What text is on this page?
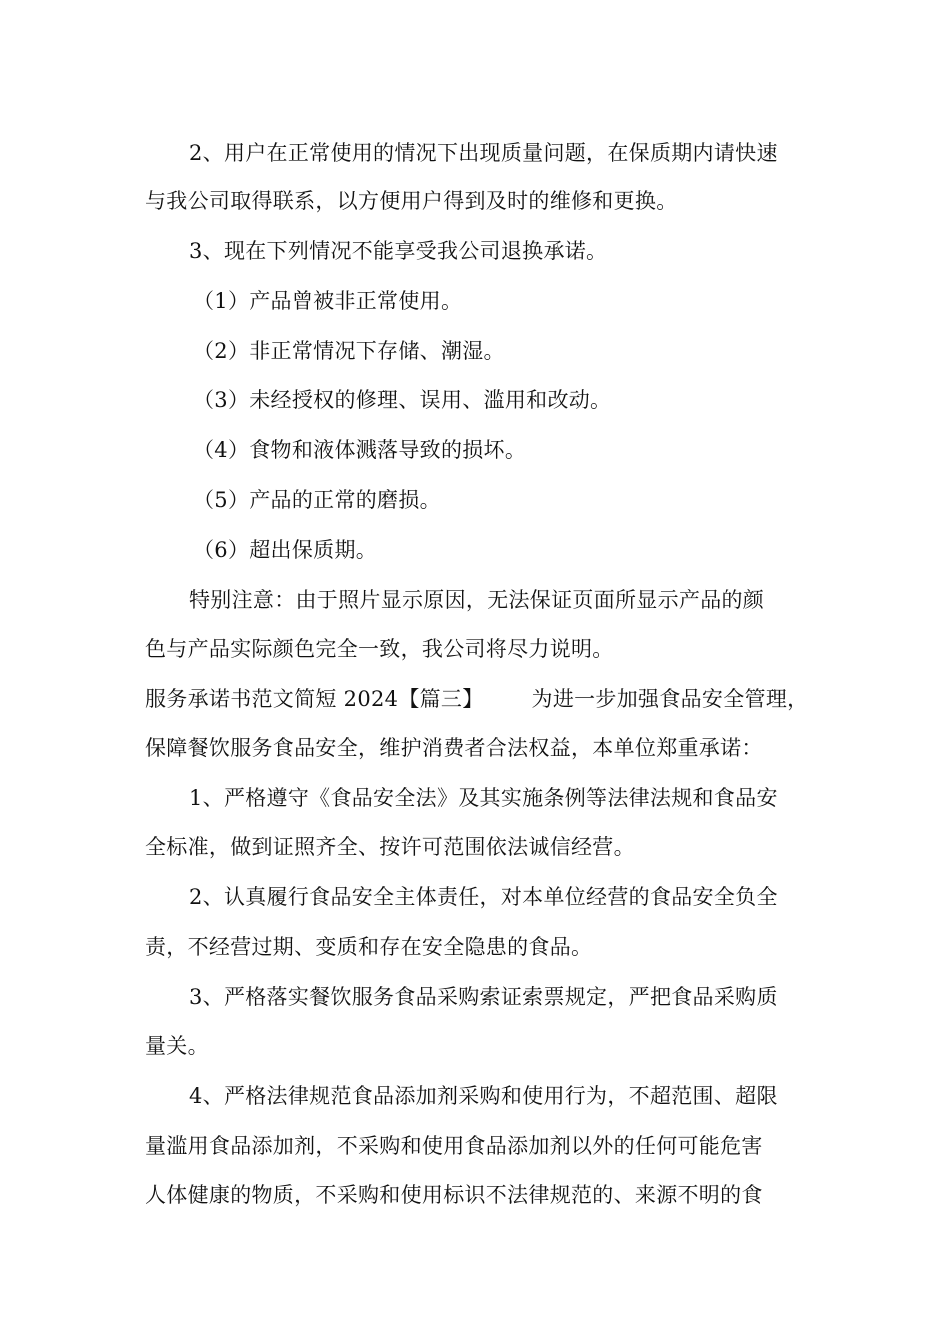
2、用户在正常使用的情况下出现质量问题，在保质期内请快速
与我公司取得联系，以方便用户得到及时的维修和更换。
3、现在下列情况不能享受我公司退换承诺。
（1）产品曾被非正常使用。
（2）非正常情况下存储、潮湿。
（3）未经授权的修理、误用、滥用和改动。
（4）食物和液体溅落导致的损坏。
（5）产品的正常的磨损。
（6）超出保质期。
特别注意：由于照片显示原因，无法保证页面所显示产品的颜
色与产品实际颜色完全一致，我公司将尽力说明。
服务承诺书范文简短 2024【篇三】 为进一步加强食品安全管理，
保障餐饮服务食品安全，维护消费者合法权益，本单位郑重承诺：
1、严格遵守《食品安全法》及其实施条例等法律法规和食品安
全标准，做到证照齐全、按许可范围依法诚信经营。
2、认真履行食品安全主体责任，对本单位经营的食品安全负全
责，不经营过期、变质和存在安全隐患的食品。
3、严格落实餐饮服务食品采购索证索票规定，严把食品采购质
量关。
4、严格法律规范食品添加剂采购和使用行为，不超范围、超限
量滥用食品添加剂，不采购和使用食品添加剂以外的任何可能危害
人体健康的物质，不采购和使用标识不法律规范的、来源不明的食
